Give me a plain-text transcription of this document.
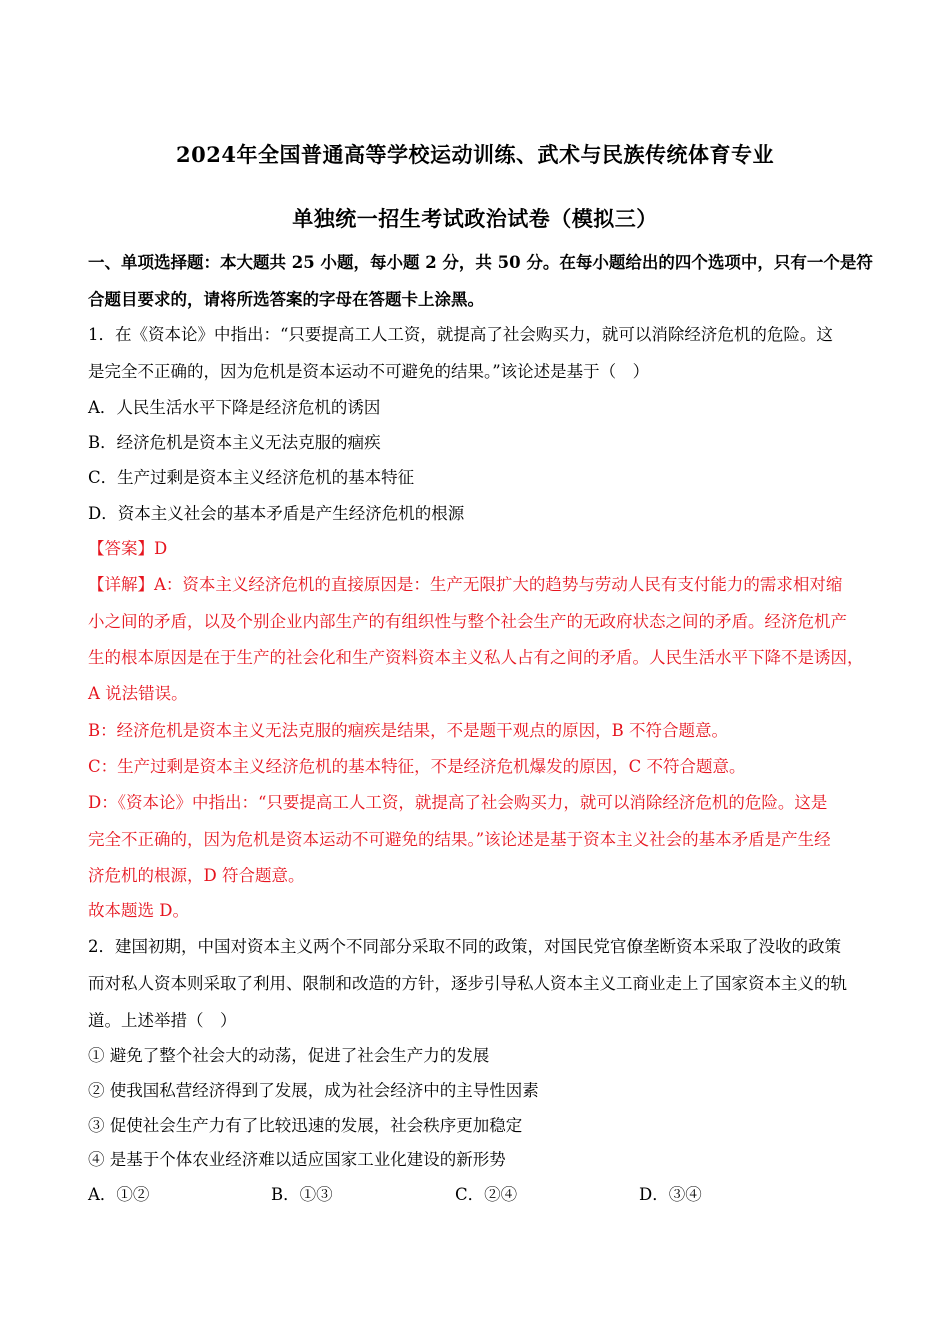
2024年全国普通高等学校运动训练、武术与民族传统体育专业
单独统一招生考试政治试卷（模拟三）
一、单项选择题：本大题共 25 小题，每小题 2 分，共 50 分。在每小题给出的四个选项中，只有一个是符
合题目要求的，请将所选答案的字母在答题卡上涂黑。
1．在《资本论》中指出：“只要提高工人工资，就提高了社会购买力，就可以消除经济危机的危险。这
是完全不正确的，因为危机是资本运动不可避免的结果。”该论述是基于（　）
A．人民生活水平下降是经济危机的诱因
B．经济危机是资本主义无法克服的痼疾
C．生产过剩是资本主义经济危机的基本特征
D．资本主义社会的基本矛盾是产生经济危机的根源
【答案】D
【详解】A：资本主义经济危机的直接原因是：生产无限扩大的趋势与劳动人民有支付能力的需求相对缩
小之间的矛盾，以及个别企业内部生产的有组织性与整个社会生产的无政府状态之间的矛盾。经济危机产
生的根本原因是在于生产的社会化和生产资料资本主义私人占有之间的矛盾。人民生活水平下降不是诱因，
A 说法错误。
B：经济危机是资本主义无法克服的痼疾是结果，不是题干观点的原因，B 不符合题意。
C：生产过剩是资本主义经济危机的基本特征，不是经济危机爆发的原因，C 不符合题意。
D：《资本论》中指出：“只要提高工人工资，就提高了社会购买力，就可以消除经济危机的危险。这是
完全不正确的，因为危机是资本运动不可避免的结果。”该论述是基于资本主义社会的基本矛盾是产生经
济危机的根源，D 符合题意。
故本题选 D。
2．建国初期，中国对资本主义两个不同部分采取不同的政策，对国民党官僚垄断资本采取了没收的政策
而对私人资本则采取了利用、限制和改造的方针，逐步引导私人资本主义工商业走上了国家资本主义的轨
道。上述举措（　）
① 避免了整个社会大的动荡，促进了社会生产力的发展
② 使我国私营经济得到了发展，成为社会经济中的主导性因素
③ 促使社会生产力有了比较迅速的发展，社会秩序更加稳定
④ 是基于个体农业经济难以适应国家工业化建设的新形势
A．①②	B．①③	C．②④	D．③④
